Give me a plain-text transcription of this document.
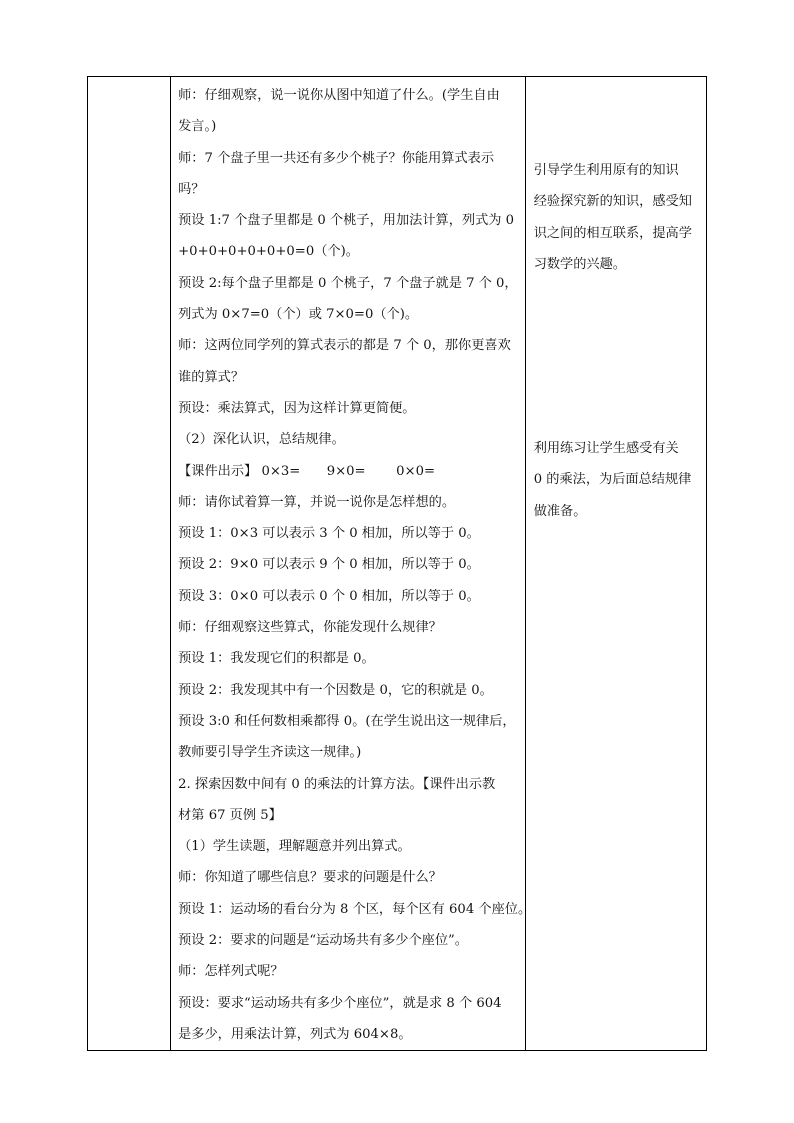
师：仔细观察，说一说你从图中知道了什么。(学生自由
发言。)
师：7 个盘子里一共还有多少个桃子？你能用算式表示
吗？
预设 1:7 个盘子里都是 0 个桃子，用加法计算，列式为 0
+0+0+0+0+0+0=0（个)。
预设 2:每个盘子里都是 0 个桃子，7 个盘子就是 7 个 0，
列式为 0×7=0（个）或 7×0=0（个)。
师：这两位同学列的算式表示的都是 7 个 0，那你更喜欢
谁的算式？
预设：乘法算式，因为这样计算更简便。
（2）深化认识，总结规律。
【课件出示】 0×3=　　9×0=　　 0×0=
师：请你试着算一算，并说一说你是怎样想的。
预设 1：0×3 可以表示 3 个 0 相加，所以等于 0。
预设 2：9×0 可以表示 9 个 0 相加，所以等于 0。
预设 3：0×0 可以表示 0 个 0 相加，所以等于 0。
师：仔细观察这些算式，你能发现什么规律？
预设 1：我发现它们的积都是 0。
预设 2：我发现其中有一个因数是 0，它的积就是 0。
预设 3:0 和任何数相乘都得 0。(在学生说出这一规律后，
教师要引导学生齐读这一规律。)
2. 探索因数中间有 0 的乘法的计算方法。【课件出示教
材第 67 页例 5】
（1）学生读题，理解题意并列出算式。
师：你知道了哪些信息？要求的问题是什么？
预设 1：运动场的看台分为 8 个区，每个区有 604 个座位。
预设 2：要求的问题是“运动场共有多少个座位”。
师：怎样列式呢？
预设：要求“运动场共有多少个座位”，就是求 8 个 604
是多少，用乘法计算，列式为 604×8。

引导学生利用原有的知识
经验探究新的知识，感受知
识之间的相互联系，提高学
习数学的兴趣。
利用练习让学生感受有关
0 的乘法，为后面总结规律
做准备。
